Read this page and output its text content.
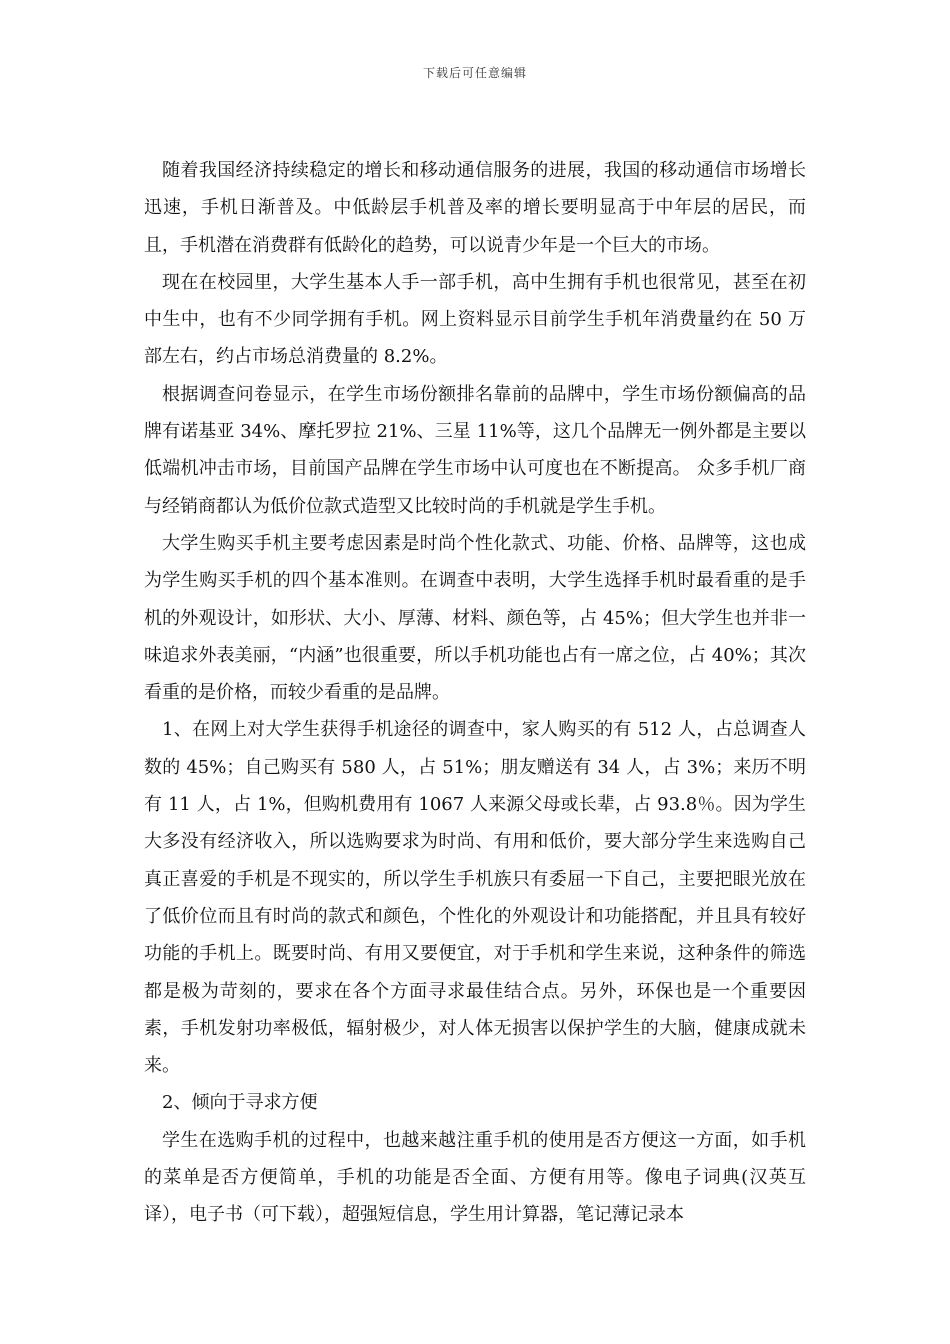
下载后可任意编辑

随着我国经济持续稳定的增长和移动通信服务的进展，我国的移动通信市场增长迅速，手机日渐普及。中低龄层手机普及率的增长要明显高于中年层的居民，而且，手机潜在消费群有低龄化的趋势，可以说青少年是一个巨大的市场。

现在在校园里，大学生基本人手一部手机，高中生拥有手机也很常见，甚至在初中生中，也有不少同学拥有手机。网上资料显示目前学生手机年消费量约在 50 万部左右，约占市场总消费量的 8.2%。

根据调查问卷显示，在学生市场份额排名靠前的品牌中，学生市场份额偏高的品牌有诺基亚 34%、摩托罗拉 21%、三星 11%等，这几个品牌无一例外都是主要以低端机冲击市场，目前国产品牌在学生市场中认可度也在不断提高。 众多手机厂商与经销商都认为低价位款式造型又比较时尚的手机就是学生手机。

大学生购买手机主要考虑因素是时尚个性化款式、功能、价格、品牌等，这也成为学生购买手机的四个基本准则。在调查中表明，大学生选择手机时最看重的是手机的外观设计，如形状、大小、厚薄、材料、颜色等，占 45%；但大学生也并非一味追求外表美丽，“内涵”也很重要，所以手机功能也占有一席之位，占 40%；其次看重的是价格，而较少看重的是品牌。

1、在网上对大学生获得手机途径的调查中，家人购买的有 512 人，占总调查人数的 45%；自己购买有 580 人，占 51%；朋友赠送有 34 人，占 3%；来历不明有 11 人，占 1%，但购机费用有 1067 人来源父母或长辈，占 93.8％。因为学生大多没有经济收入，所以选购要求为时尚、有用和低价，要大部分学生来选购自己真正喜爱的手机是不现实的，所以学生手机族只有委屈一下自己，主要把眼光放在了低价位而且有时尚的款式和颜色，个性化的外观设计和功能搭配，并且具有较好功能的手机上。既要时尚、有用又要便宜，对于手机和学生来说，这种条件的筛选都是极为苛刻的，要求在各个方面寻求最佳结合点。另外，环保也是一个重要因素，手机发射功率极低，辐射极少，对人体无损害以保护学生的大脑，健康成就未来。

2、倾向于寻求方便

学生在选购手机的过程中，也越来越注重手机的使用是否方便这一方面，如手机的菜单是否方便简单，手机的功能是否全面、方便有用等。像电子词典(汉英互译），电子书（可下载），超强短信息，学生用计算器，笔记薄记录本
